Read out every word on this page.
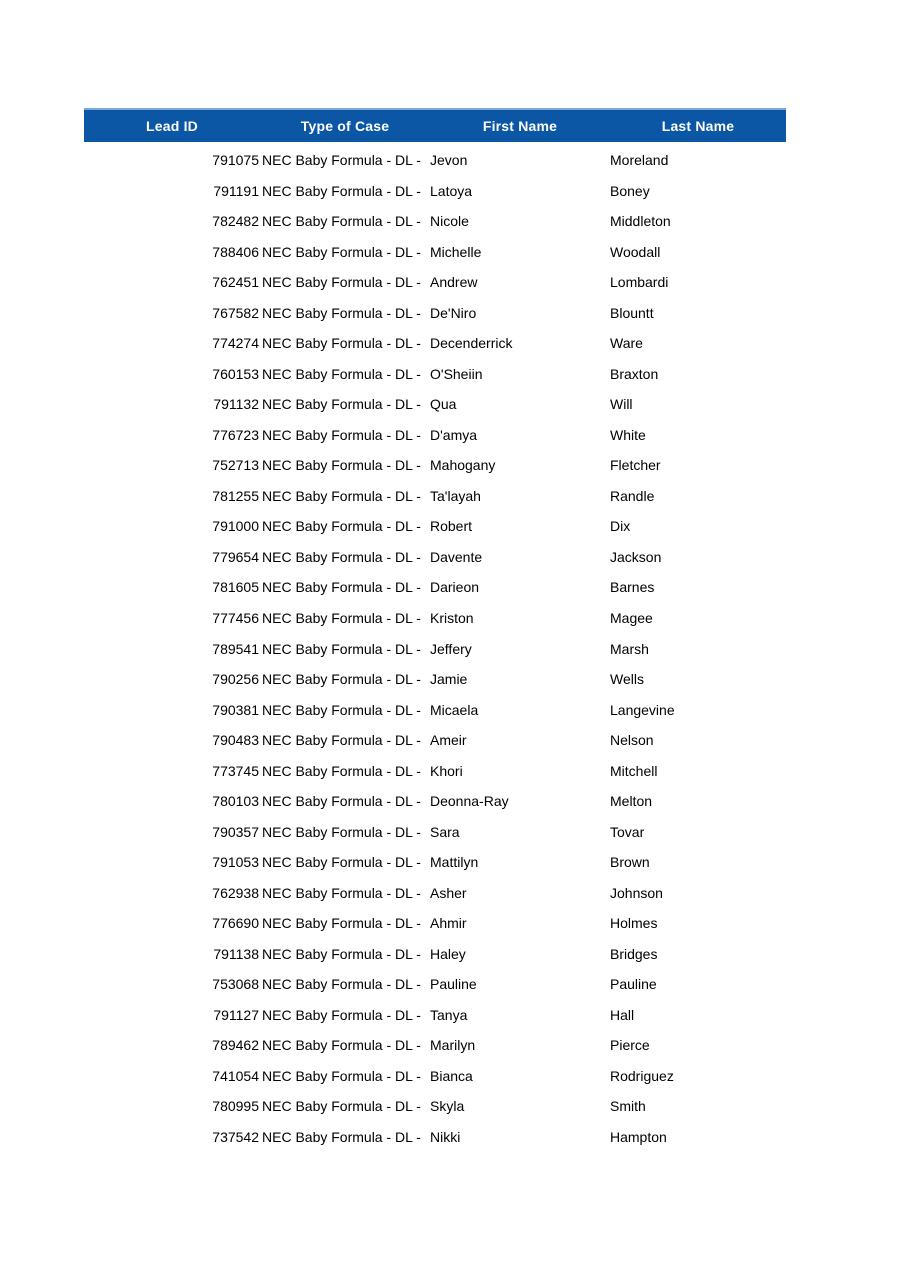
Lead ID	Type of Case	First Name	Last Name
791075 NEC Baby Formula - DL - Jevon	Moreland
791191 NEC Baby Formula - DL - Latoya	Boney
782482 NEC Baby Formula - DL - Nicole	Middleton
788406 NEC Baby Formula - DL - Michelle	Woodall
762451 NEC Baby Formula - DL - Andrew	Lombardi
767582 NEC Baby Formula - DL - De'Niro	Blountt
774274 NEC Baby Formula - DL - Decenderrick	Ware
760153 NEC Baby Formula - DL - O'Sheiin	Braxton
791132 NEC Baby Formula - DL - Qua	Will
776723 NEC Baby Formula - DL - D'amya	White
752713 NEC Baby Formula - DL - Mahogany	Fletcher
781255 NEC Baby Formula - DL - Ta'layah	Randle
791000 NEC Baby Formula - DL - Robert	Dix
779654 NEC Baby Formula - DL - Davente	Jackson
781605 NEC Baby Formula - DL - Darieon	Barnes
777456 NEC Baby Formula - DL - Kriston	Magee
789541 NEC Baby Formula - DL - Jeffery	Marsh
790256 NEC Baby Formula - DL - Jamie	Wells
790381 NEC Baby Formula - DL - Micaela	Langevine
790483 NEC Baby Formula - DL - Ameir	Nelson
773745 NEC Baby Formula - DL - Khori	Mitchell
780103 NEC Baby Formula - DL - Deonna-Ray	Melton
790357 NEC Baby Formula - DL - Sara	Tovar
791053 NEC Baby Formula - DL - Mattilyn	Brown
762938 NEC Baby Formula - DL - Asher	Johnson
776690 NEC Baby Formula - DL - Ahmir	Holmes
791138 NEC Baby Formula - DL - Haley	Bridges
753068 NEC Baby Formula - DL - Pauline	Pauline
791127 NEC Baby Formula - DL - Tanya	Hall
789462 NEC Baby Formula - DL - Marilyn	Pierce
741054 NEC Baby Formula - DL - Bianca	Rodriguez
780995 NEC Baby Formula - DL - Skyla	Smith
737542 NEC Baby Formula - DL - Nikki	Hampton
